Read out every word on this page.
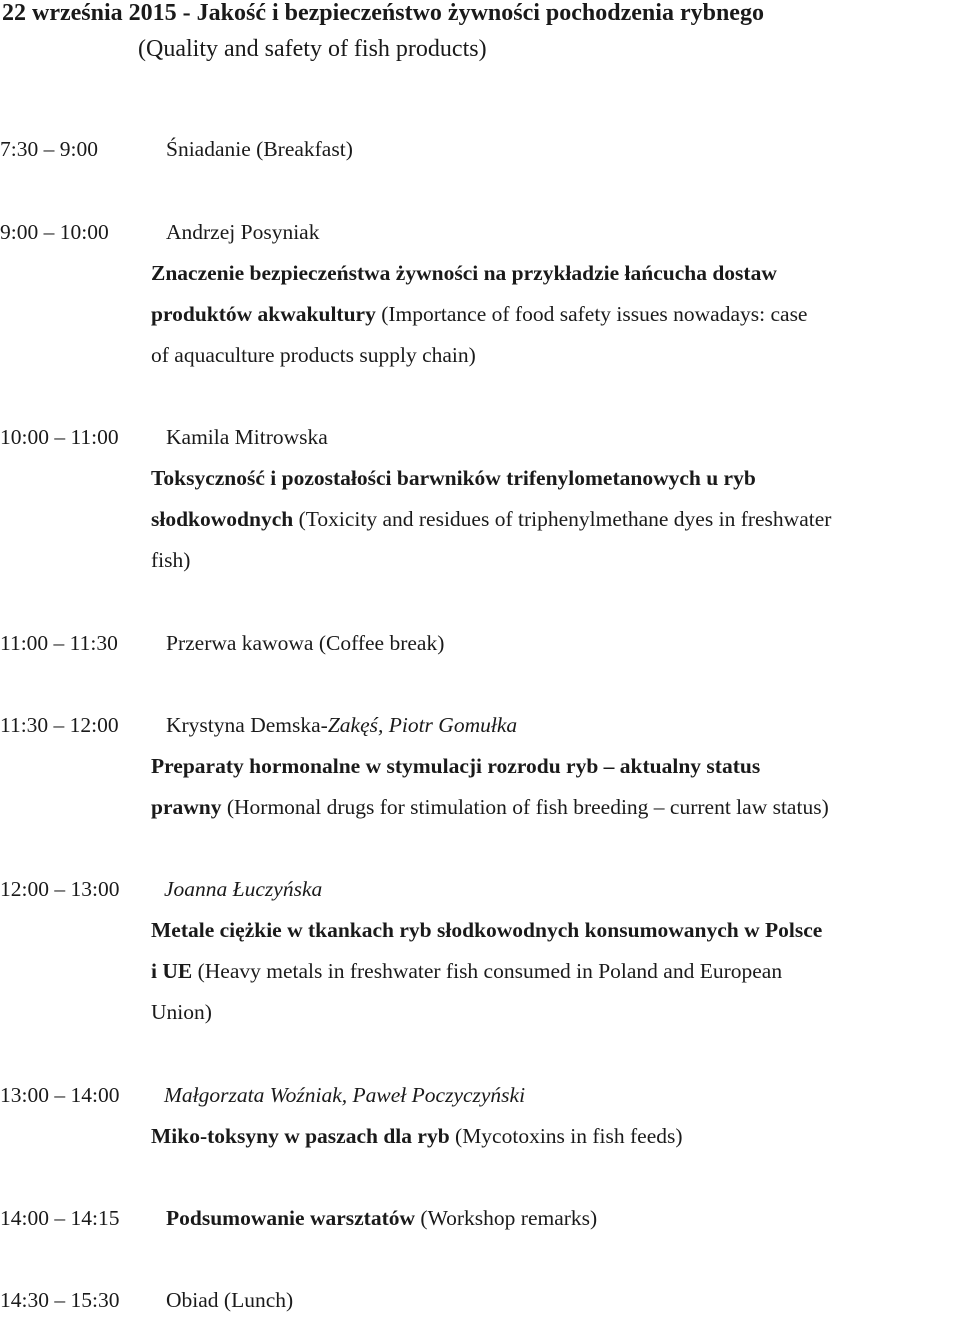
22 września 2015 - Jakość i bezpieczeństwo żywności pochodzenia rybnego
(Quality and safety of fish products)
7:30 – 9:00	Śniadanie (Breakfast)
9:00 – 10:00	Andrzej Posyniak
Znaczenie bezpieczeństwa żywności na przykładzie łańcucha dostaw
produktów akwakultury (Importance of food safety issues nowadays: case
of aquaculture products supply chain)
10:00 – 11:00 Kamila Mitrowska
Toksyczność i pozostałości barwników trifenylometanowych u ryb
słodkowodnych (Toxicity and residues of triphenylmethane dyes in freshwater
fish)
11:00 – 11:30 Przerwa kawowa (Coffee break)
11:30 – 12:00 Krystyna Demska-Zakęś, Piotr Gomułka
Preparaty hormonalne w stymulacji rozrodu ryb – aktualny status
prawny (Hormonal drugs for stimulation of fish breeding – current law status)
12:00 – 13:00 Joanna Łuczyńska
Metale ciężkie w tkankach ryb słodkowodnych konsumowanych w Polsce
i UE (Heavy metals in freshwater fish consumed in Poland and European
Union)
13:00 – 14:00 Małgorzata Woźniak, Paweł Poczyczyński
Miko-toksyny w paszach dla ryb (Mycotoxins in fish feeds)
14:00 – 14:15 Podsumowanie warsztatów (Workshop remarks)
14:30 – 15:30 Obiad (Lunch)
